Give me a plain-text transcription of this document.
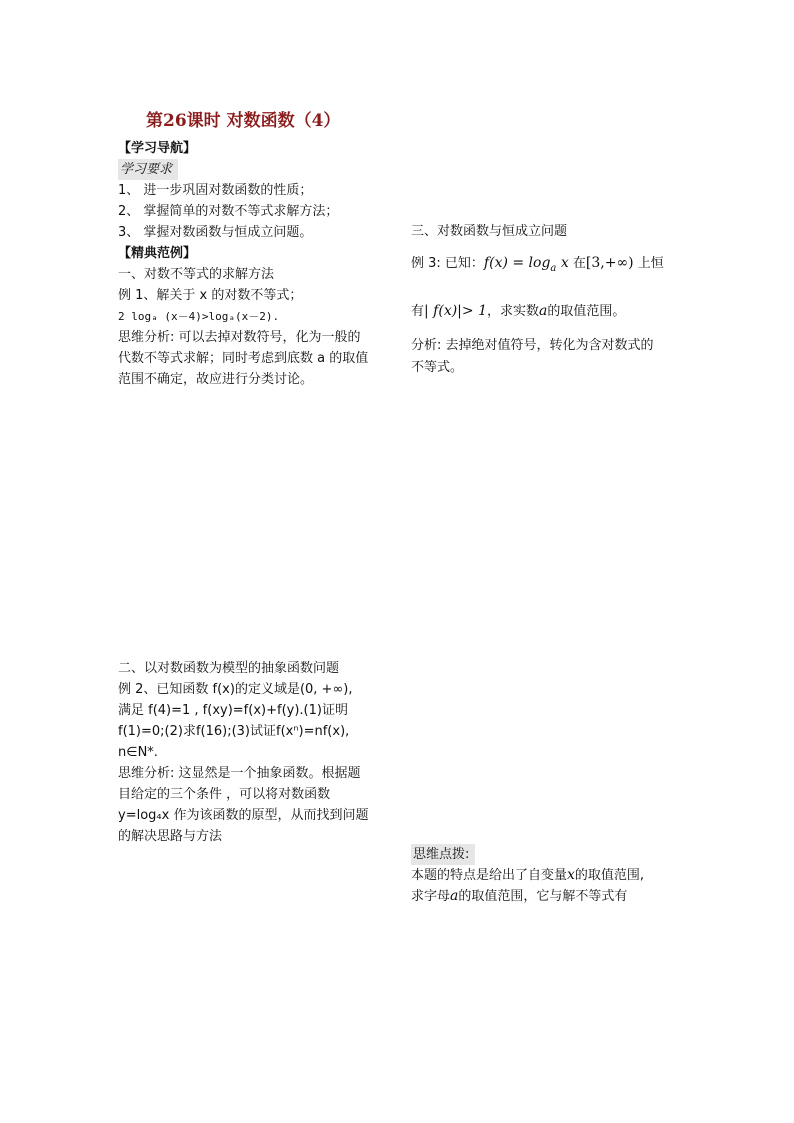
第26课时 对数函数（4）
【学习导航】
学习要求
1、 进一步巩固对数函数的性质；
2、 掌握简单的对数不等式求解方法；
3、 掌握对数函数与恒成立问题。
【精典范例】
一、对数不等式的求解方法
例 1、解关于 x 的对数不等式；
2 logₐ (x－4)>logₐ(x－2).
思维分析: 可以去掉对数符号，化为一般的
代数不等式求解；同时考虑到底数 a 的取值
范围不确定，故应进行分类讨论。
二、以对数函数为模型的抽象函数问题
例 2、已知函数 f(x)的定义域是(0, +∞),
满足 f(4)=1 , f(xy)=f(x)+f(y).(1)证明
f(1)=0;(2)求f(16);(3)试证f(xⁿ)=nf(x),
n∈N*.
思维分析: 这显然是一个抽象函数。根据题
目给定的三个条件 ，可以将对数函数
y=log₄x 作为该函数的原型，从而找到问题
的解决思路与方法
三、对数函数与恒成立问题
例 3: 已知：$f(x) = \log_a x$ 在[3,+∞) 上恒
有| f(x)|> 1，求实数a的取值范围。
分析: 去掉绝对值符号，转化为含对数式的
不等式。
思维点拨:
本题的特点是给出了自变量x的取值范围,
求字母a的取值范围，它与解不等式有
